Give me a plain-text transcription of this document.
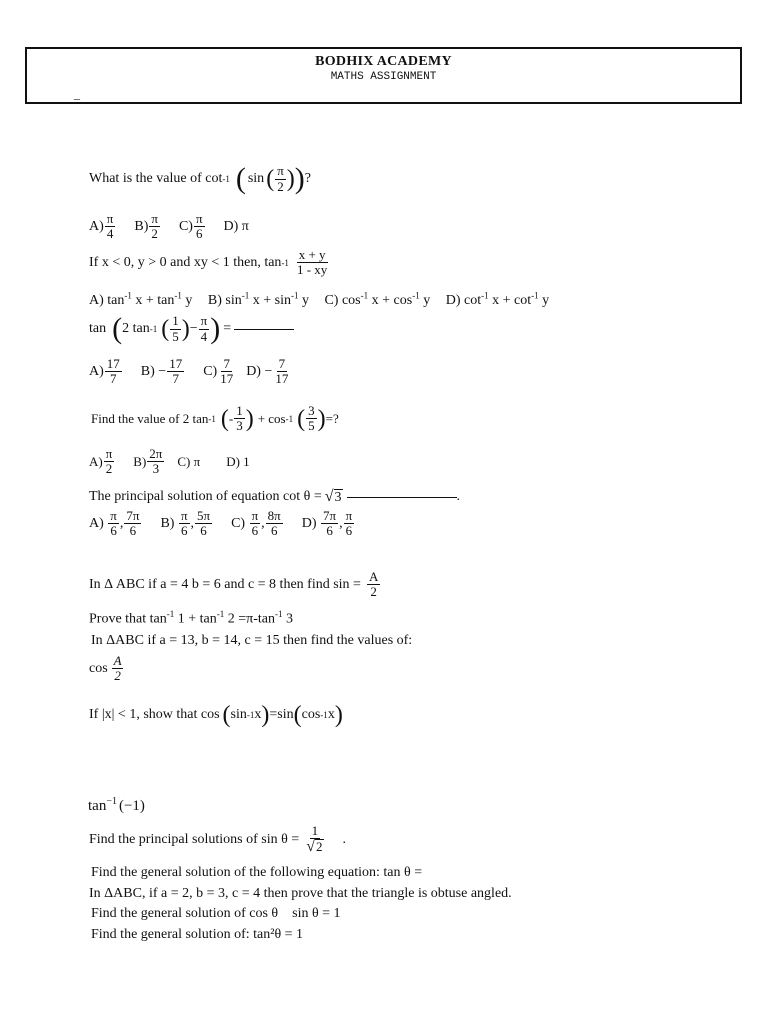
BODHIX ACADEMY
MATHS ASSIGNMENT
_
What is the value of cot -1 ( sin ( $\frac{\pi}{2}$ ) ) ?
$A) \frac{\pi}{4} B) \frac{\pi}{2} C) \frac{\pi}{6} D$) π
If x < 0, y > 0 and xy < 1 then, $\tan -1 \frac{x + y}{1 - xy}$
A) $\tan^{-1} x + \tan^{-1} y$ B) $\sin^{-1} x + \sin^{-1} y$ C) $\cos^{-1} x + \cos^{-1} y$ D) $\cot^{-1} x + \cot^{-1} y$
tan ( 2 tan -1 ( $\frac{1}{5}$ ) − $\frac{\pi}{4}$ ) =
$A) \frac{17}{7} B$)
− $\frac{17}{7} C) \frac{7}{17} D$)
− $\frac{7}{17}$
Find the value of 2 tan -1 ( - $\frac{1}{3}$ ) + cos -1 ( $\frac{3}{5}$ ) =?
$A) \frac{\pi}{2} B) \frac{2\pi}{3} C$) π D) 1
The principal solution of equation cot θ = √ 3	.
A)
$\frac{\pi}{6}$ , $\frac{7\pi}{6} B$)
$\frac{\pi}{6}$ , $\frac{5\pi}{6} C$)
$\frac{\pi}{6}$ , $\frac{8\pi}{6} D$)
$\frac{7\pi}{6}$ , $\frac{\pi}{6}$
In Δ ABC if a = 4 b = 6 and c = 8 then find $\sin = \frac{A}{2}$
Prove that $\tan^{-1} 1 + \tan^{-1} 2 =\pi-\tan^{-1}$ 3
In ΔABC if a = 13, b = 14, c = 15 then find the values of:
$\cos \frac{A}{2}$
If |x| < 1, show that cos ( sin -1 x ) = sin ( cos -1 x )
$\tan^{-1} (-1)$
Find the principal solutions of $\sin \theta = \frac{1}{√ 2}$ .
Find the general solution of the following equation: tan θ =
In ΔABC, if a = 2, b = 3, c = 4 then prove that the triangle is obtuse angled.
Find the general solution of cos θ    sin θ = 1
Find the general solution of: tan²θ = 1
